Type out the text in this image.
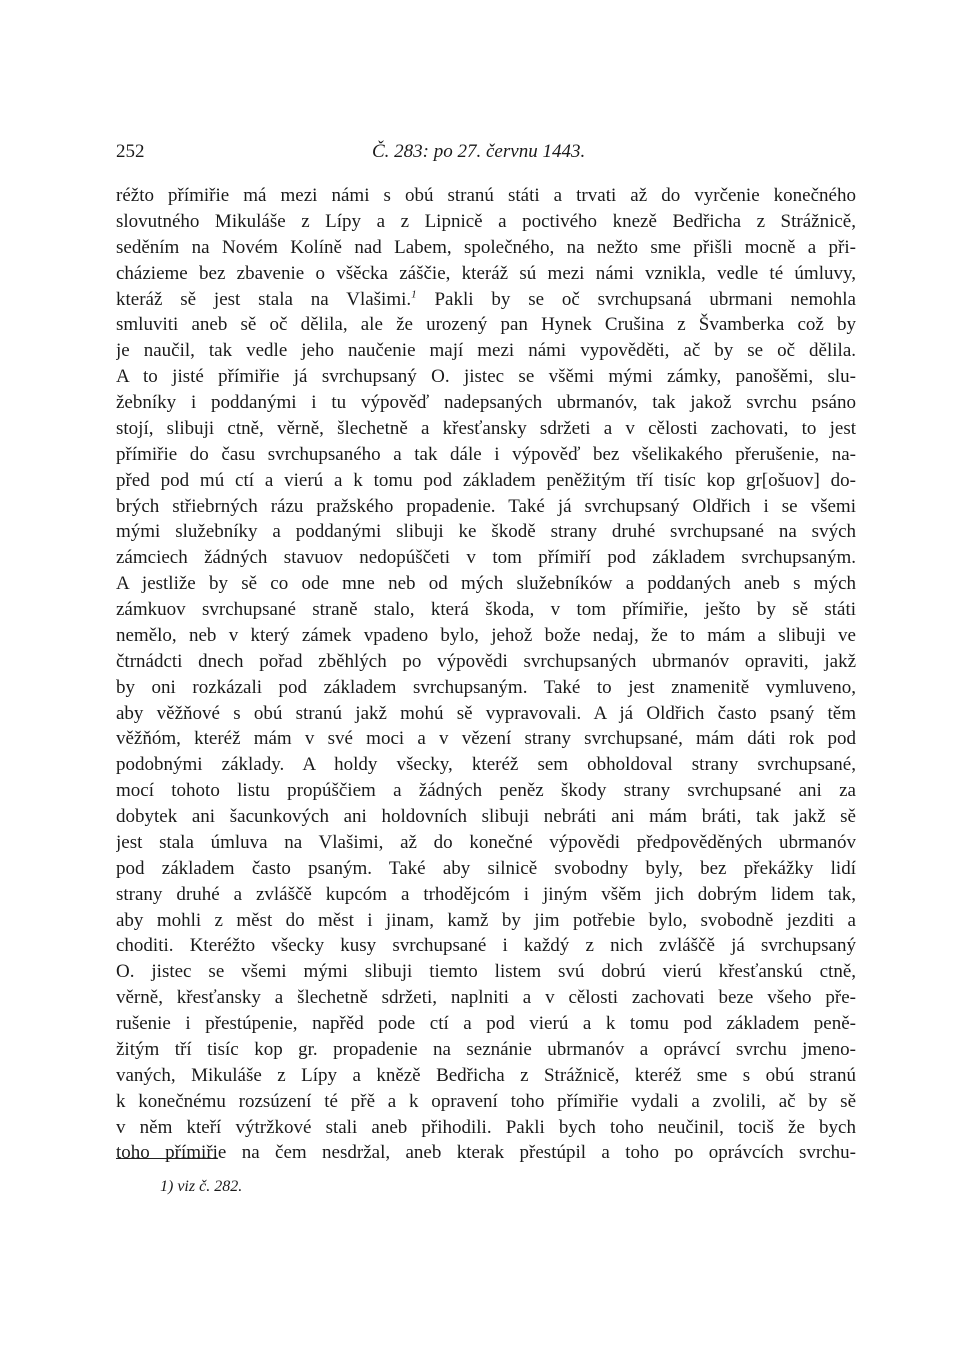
252	Č. 283: po 27. červnu 1443.
réžto přímiřie má mezi námi s obú stranú státi a trvati až do vyrčenie konečného
slovutného Mikuláše z Lípy a z Lipnicě a poctivého knezě Bedřicha z Strážnicě,
seděním na Novém Kolíně nad Labem, společného, na nežto sme přišli mocně a při-
cházieme bez zbavenie o všěcka záščie, kteráž sú mezi námi vznikla, vedle té úmluvy,
kteráž sě jest stala na Vlašimi.$^1$ Pakli by se oč svrchupsaná ubrmani nemohla
smluviti aneb sě oč dělila, ale že urozený pan Hynek Crušina z Švamberka což by
je naučil, tak vedle jeho naučenie mají mezi námi vypověděti, ač by se oč dělila.
A to jisté přímiřie já svrchupsaný O. jistec se všěmi mými zámky, panošěmi, slu-
žebníky i poddanými i tu výpověď nadepsaných ubrmanóv, tak jakož svrchu psáno
stojí, slibuji ctně, věrně, šlechetně a křesťansky sdržeti a v cělosti zachovati, to jest
přímiřie do času svrchupsaného a tak dále i výpověď bez všelikakého přerušenie, na-
před pod mú ctí a vierú a k tomu pod základem peněžitým tří tisíc kop gr[ošuov] do-
brých střiebrných rázu pražského propadenie. Také já svrchupsaný Oldřich i se všemi
mými služebníky a poddanými slibuji ke škodě strany druhé svrchupsané na svých
zámciech žádných stavuov nedopúščeti v tom přímiří pod základem svrchupsaným.
A jestliže by sě co ode mne neb od mých služebníków a poddaných aneb s mých
zámkuov svrchupsané straně stalo, která škoda, v tom přímiřie, ješto by sě státi
nemělo, neb v který zámek vpadeno bylo, jehož bože nedaj, že to mám a slibuji ve
čtrnádcti dnech pořad zběhlých po výpovědi svrchupsaných ubrmanóv opraviti, jakž
by oni rozkázali pod základem svrchupsaným. Také to jest znamenitě vymluveno,
aby věžňové s obú stranú jakž mohú sě vypravovali. A já Oldřich často psaný těm
věžňóm, kteréž mám v své moci a v vězení strany svrchupsané, mám dáti rok pod
podobnými základy. A holdy všecky, kteréž sem obholdoval strany svrchupsané,
mocí tohoto listu propúščiem a žádných peněz škody strany svrchupsané ani za
dobytek ani šacunkových ani holdovních slibuji nebráti ani mám bráti, tak jakž sě
jest stala úmluva na Vlašimi, až do konečné výpovědi předpověděných ubrmanóv
pod základem často psaným. Také aby silnicě svobodny byly, bez překážky lidí
strany druhé a zvláščě kupcóm a trhodějcóm i jiným všěm jich dobrým lidem tak,
aby mohli z měst do měst i jinam, kamž by jim potřebie bylo, svobodně jezditi a
choditi. Kteréžto všecky kusy svrchupsané i každý z nich zvláščě já svrchupsaný
O. jistec se všemi mými slibuji tiemto listem svú dobrú vierú křesťanskú ctně,
věrně, křesťansky a šlechetně sdržeti, naplniti a v cělosti zachovati beze všeho pře-
rušenie i přestúpenie, napřěd pode ctí a pod vierú a k tomu pod základem peně-
žitým tří tisíc kop gr. propadenie na seznánie ubrmanóv a oprávcí svrchu jmeno-
vaných, Mikuláše z Lípy a knězě Bedřicha z Strážnicě, kteréž sme s obú stranú
k konečnému rozsúzení té přě a k opravení toho přímiřie vydali a zvolili, ač by sě
v něm kteří výtržkové stali aneb přihodili. Pakli bych toho neučinil, tociš že bych
toho přímiřie na čem nesdržal, aneb kterak přestúpil a toho po oprávcích svrchu-
1) viz č. 282.
